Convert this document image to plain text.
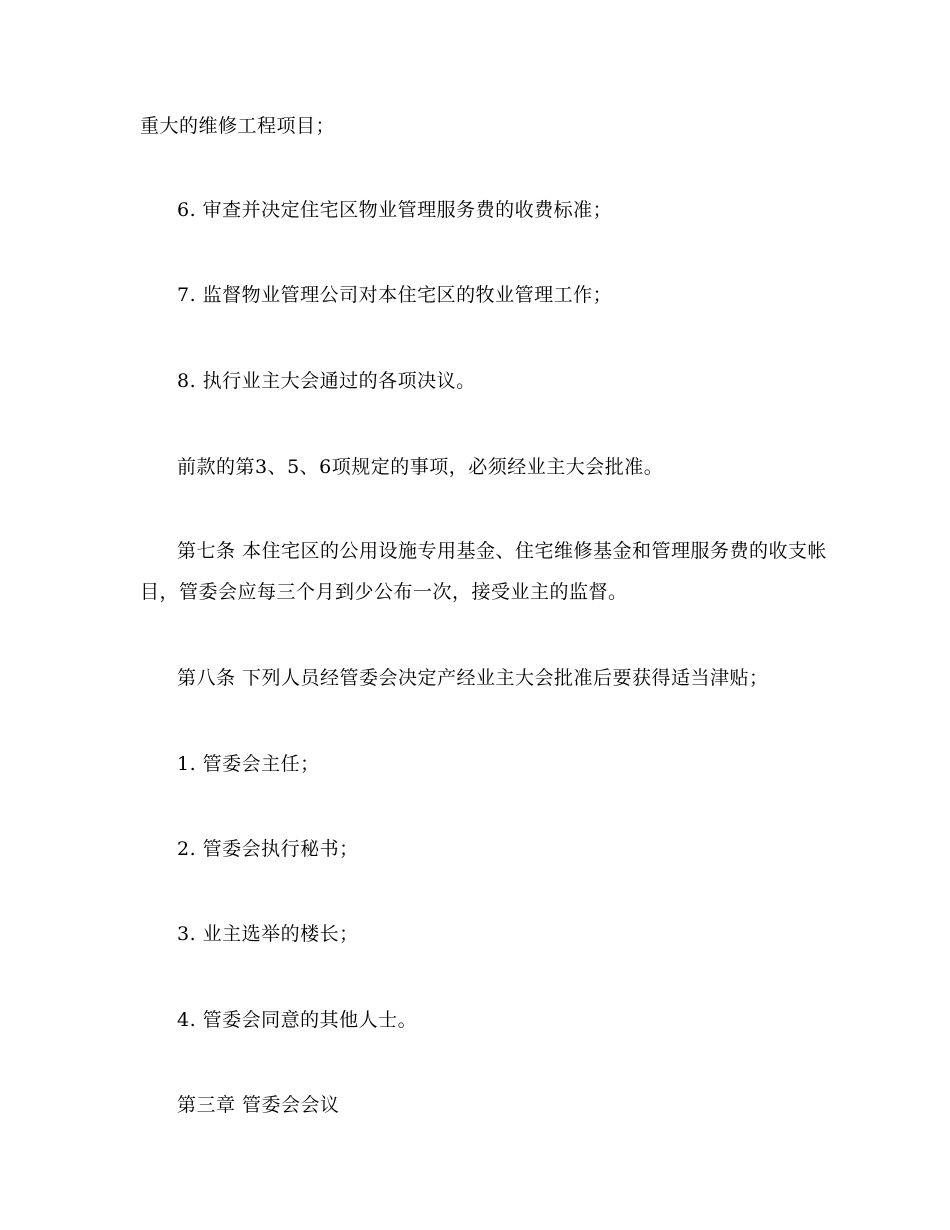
重大的维修工程项目；
6. 审查并决定住宅区物业管理服务费的收费标准；
7. 监督物业管理公司对本住宅区的牧业管理工作；
8. 执行业主大会通过的各项决议。
前款的第3、5、6项规定的事项，必须经业主大会批准。
第七条 本住宅区的公用设施专用基金、住宅维修基金和管理服务费的收支帐
目，管委会应每三个月到少公布一次，接受业主的监督。
第八条 下列人员经管委会决定产经业主大会批准后要获得适当津贴；
1. 管委会主任；
2. 管委会执行秘书；
3. 业主选举的楼长；
4. 管委会同意的其他人士。
第三章 管委会会议
